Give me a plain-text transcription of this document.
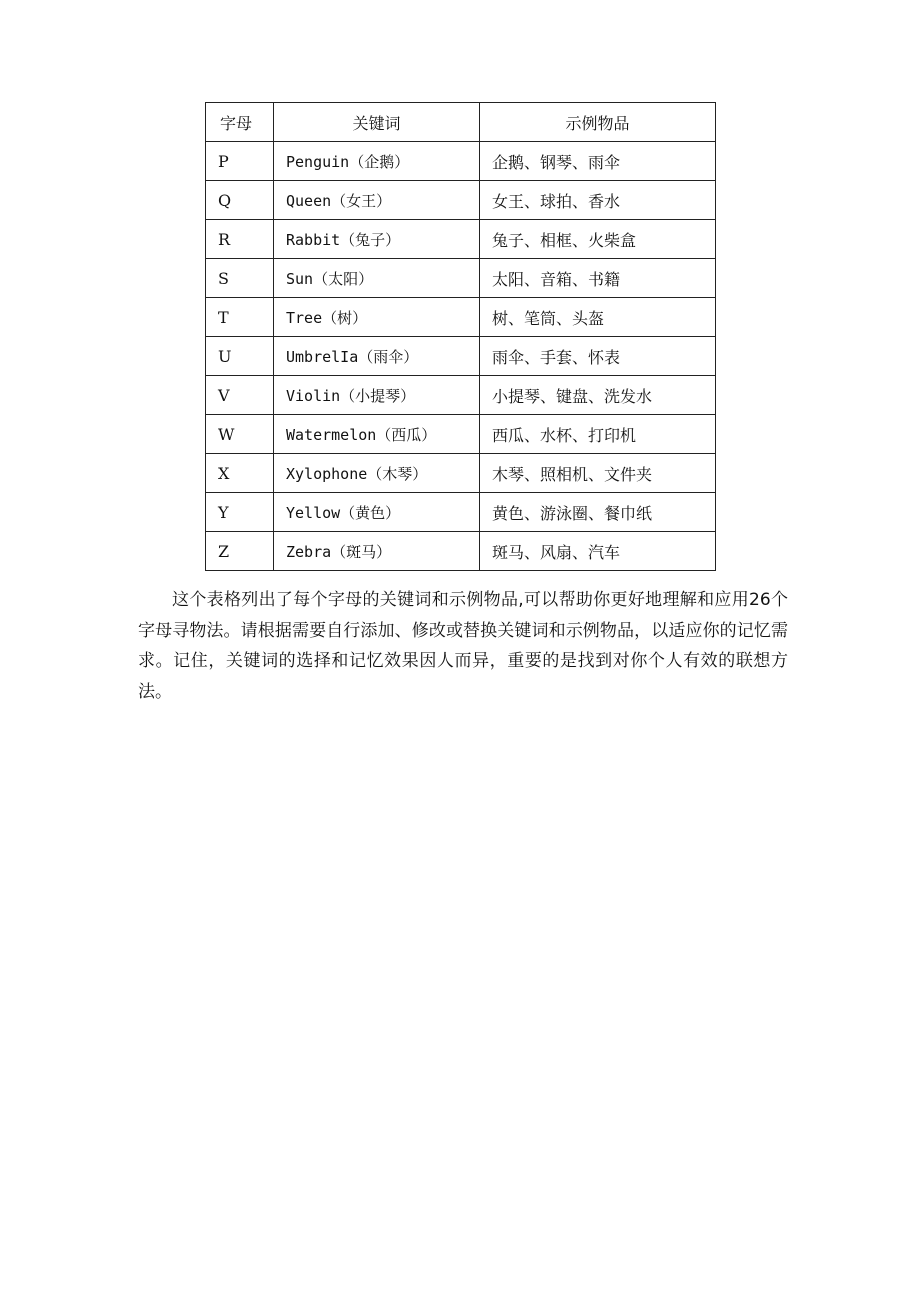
字母	关键词	示例物品
P	Penguin（企鹅）	企鹅、钢琴、雨伞
Q	Queen（女王）	女王、球拍、香水
R	Rabbit（兔子）	兔子、相框、火柴盒
S	Sun（太阳）	太阳、音箱、书籍
T	Tree（树）	树、笔筒、头盔
U	UmbrelIa（雨伞）	雨伞、手套、怀表
V	Violin（小提琴）	小提琴、键盘、洗发水
W	Watermelon（西瓜）	西瓜、水杯、打印机
X	Xylophone（木琴）	木琴、照相机、文件夹
Y	Yellow（黄色）	黄色、游泳圈、餐巾纸
Z	Zebra（斑马）	斑马、风扇、汽车

这个表格列出了每个字母的关键词和示例物品,可以帮助你更好地理解和应用26个字母寻物法。请根据需要自行添加、修改或替换关键词和示例物品，以适应你的记忆需求。记住，关键词的选择和记忆效果因人而异，重要的是找到对你个人有效的联想方法。
